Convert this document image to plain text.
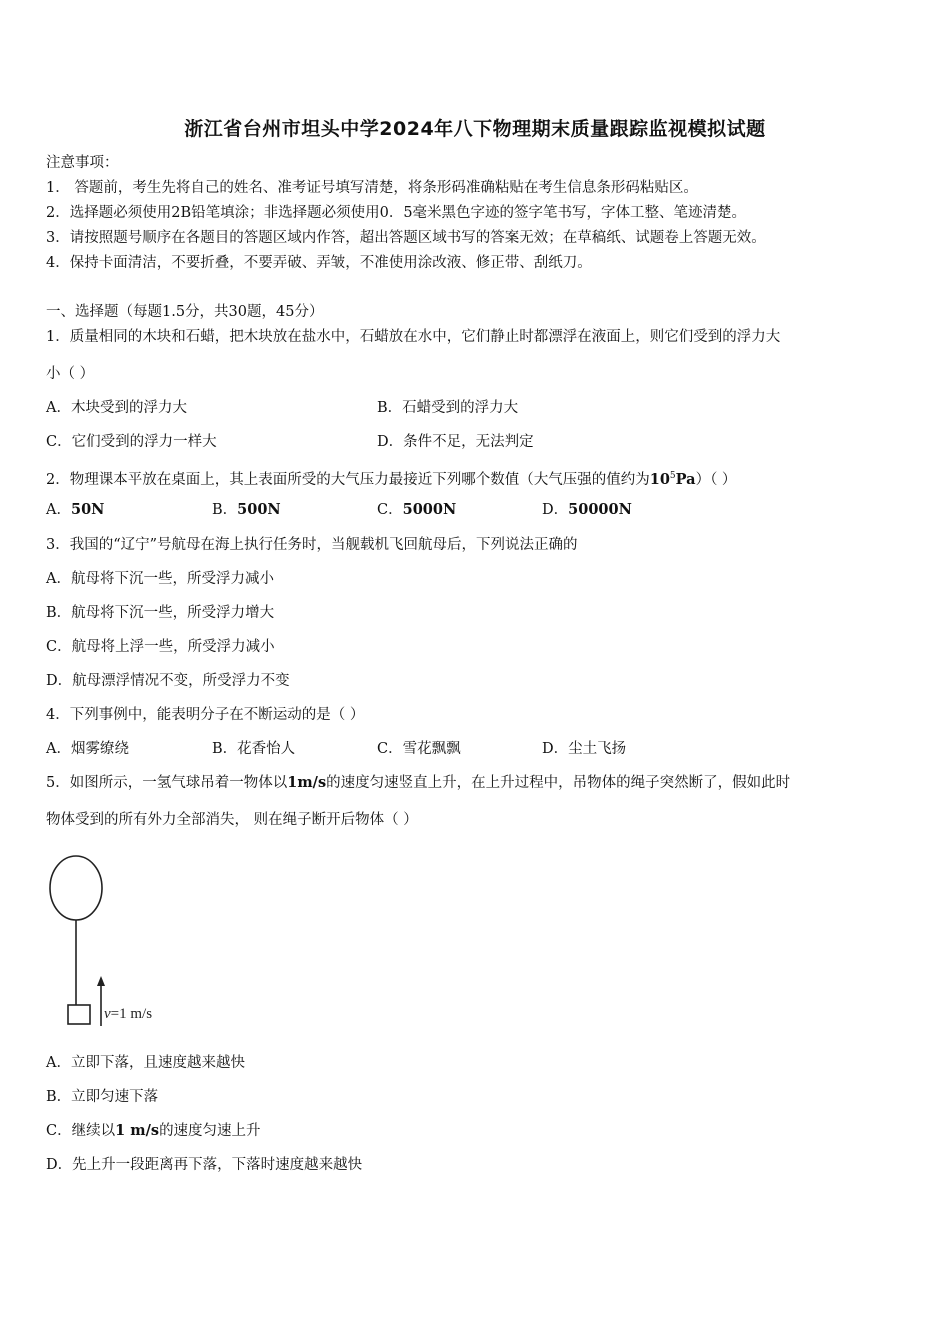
浙江省台州市坦头中学2024年八下物理期末质量跟踪监视模拟试题
注意事项：
1． 答题前，考生先将自己的姓名、准考证号填写清楚，将条形码准确粘贴在考生信息条形码粘贴区。
2．选择题必须使用2B铅笔填涂；非选择题必须使用0．5毫米黑色字迹的签字笔书写，字体工整、笔迹清楚。
3．请按照题号顺序在各题目的答题区域内作答，超出答题区域书写的答案无效；在草稿纸、试题卷上答题无效。
4．保持卡面清洁，不要折叠，不要弄破、弄皱，不准使用涂改液、修正带、刮纸刀。
一、选择题（每题1.5分，共30题，45分）
1．质量相同的木块和石蜡，把木块放在盐水中，石蜡放在水中，它们静止时都漂浮在液面上，则它们受到的浮力大
小（ ）
A．木块受到的浮力大	B．石蜡受到的浮力大
C．它们受到的浮力一样大	D．条件不足，无法判定
2．物理课本平放在桌面上，其上表面所受的大气压力最接近下列哪个数值（大气压强的值约为$10^5Pa$）（ ）
A．50N	B．500N	C．5000N	D．50000N
3．我国的“辽宁”号航母在海上执行任务时，当舰载机飞回航母后，下列说法正确的
A．航母将下沉一些，所受浮力减小
B．航母将下沉一些，所受浮力增大
C．航母将上浮一些，所受浮力减小
D．航母漂浮情况不变，所受浮力不变
4．下列事例中，能表明分子在不断运动的是（ ）
A．烟雾缭绕	B．花香怡人	C．雪花飘飘	D．尘土飞扬
5．如图所示，一氢气球吊着一物体以1m/s的速度匀速竖直上升，在上升过程中，吊物体的绳子突然断了，假如此时
物体受到的所有外力全部消失， 则在绳子断开后物体（ ）
v=1 m/s
A．立即下落，且速度越来越快
B．立即匀速下落
C．继续以1 m/s的速度匀速上升
D．先上升一段距离再下落，下落时速度越来越快
